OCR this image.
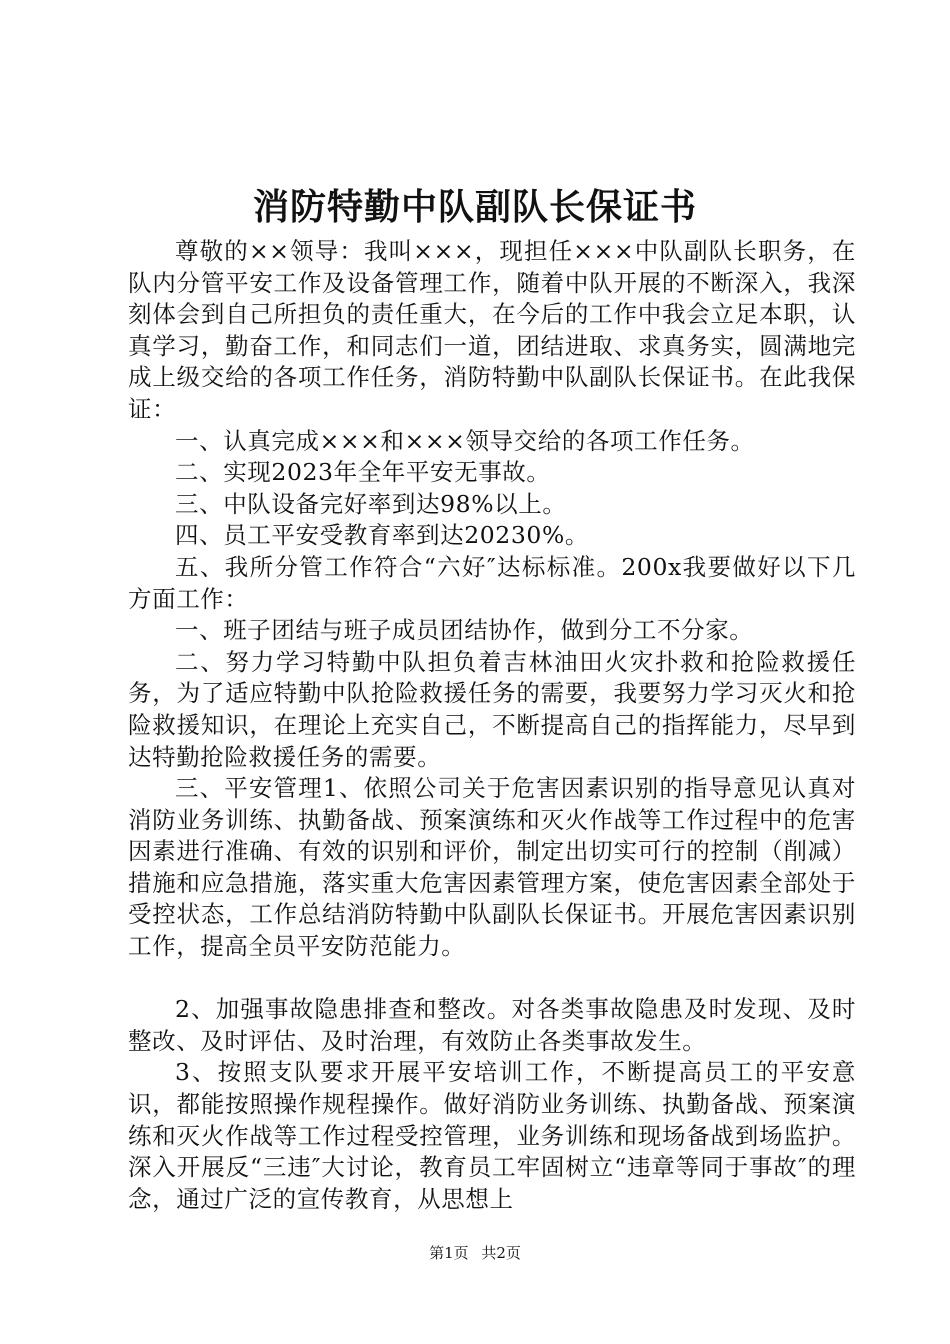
消防特勤中队副队长保证书

尊敬的××领导：我叫×××，现担任×××中队副队长职务，在队内分管平安工作及设备管理工作，随着中队开展的不断深入，我深刻体会到自己所担负的责任重大，在今后的工作中我会立足本职，认真学习，勤奋工作，和同志们一道，团结进取、求真务实，圆满地完成上级交给的各项工作任务，消防特勤中队副队长保证书。在此我保证：

一、认真完成×××和×××领导交给的各项工作任务。

二、实现2023年全年平安无事故。

三、中队设备完好率到达98%以上。

四、员工平安受教育率到达20230%。

五、我所分管工作符合“六好″达标标准。200x我要做好以下几方面工作：

一、班子团结与班子成员团结协作，做到分工不分家。

二、努力学习特勤中队担负着吉林油田火灾扑救和抢险救援任务，为了适应特勤中队抢险救援任务的需要，我要努力学习灭火和抢险救援知识，在理论上充实自己，不断提高自己的指挥能力，尽早到达特勤抢险救援任务的需要。

三、平安管理1、依照公司关于危害因素识别的指导意见认真对消防业务训练、执勤备战、预案演练和灭火作战等工作过程中的危害因素进行准确、有效的识别和评价，制定出切实可行的控制（削减）措施和应急措施，落实重大危害因素管理方案，使危害因素全部处于受控状态，工作总结消防特勤中队副队长保证书。开展危害因素识别工作，提高全员平安防范能力。

2、加强事故隐患排查和整改。对各类事故隐患及时发现、及时整改、及时评估、及时治理，有效防止各类事故发生。

3、按照支队要求开展平安培训工作，不断提高员工的平安意识，都能按照操作规程操作。做好消防业务训练、执勤备战、预案演练和灭火作战等工作过程受控管理，业务训练和现场备战到场监护。深入开展反“三违″大讨论，教育员工牢固树立“违章等同于事故″的理念，通过广泛的宣传教育，从思想上

第1页 共2页
